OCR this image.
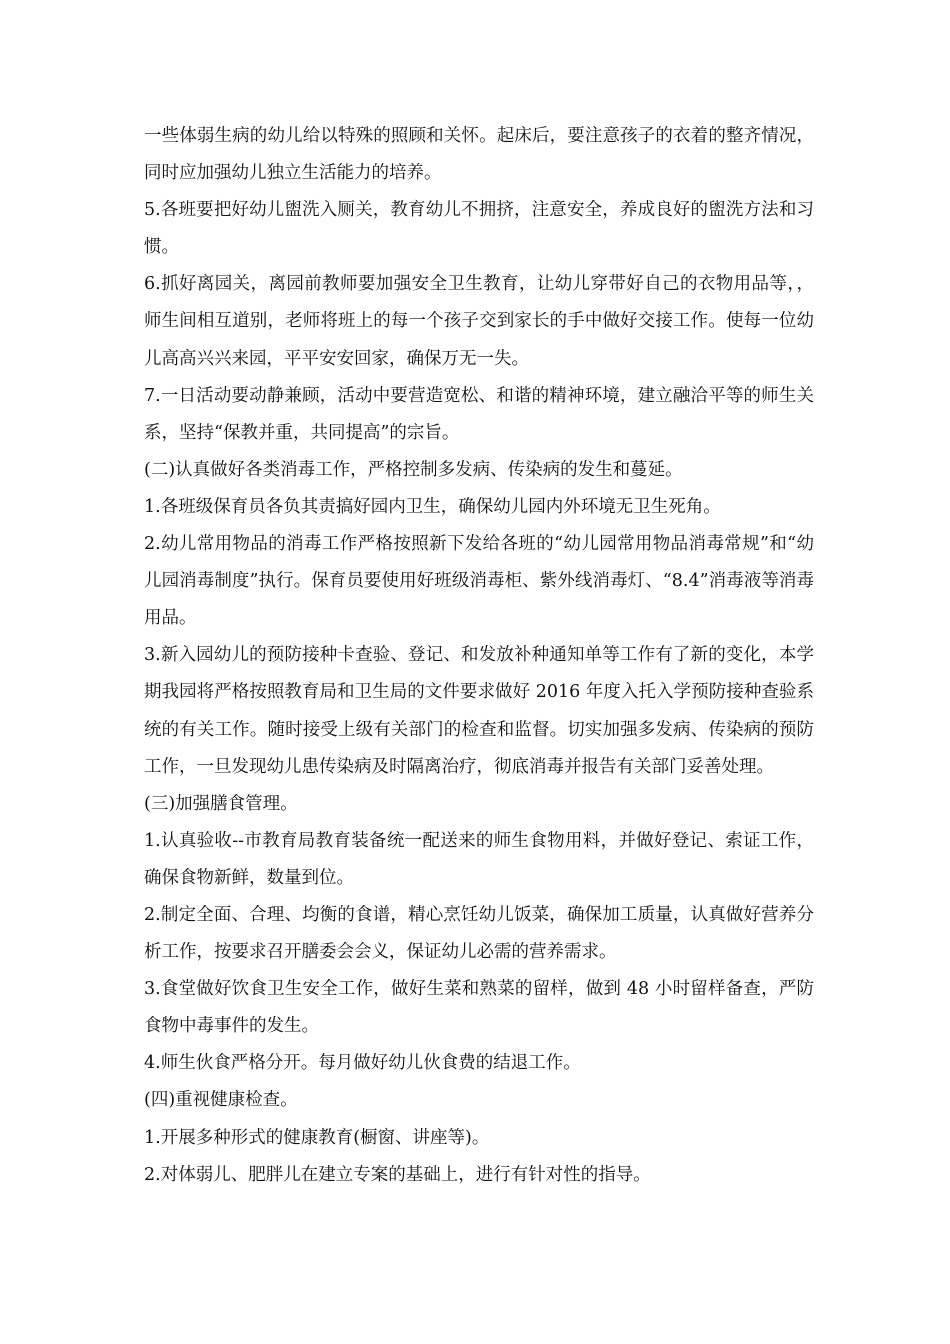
一些体弱生病的幼儿给以特殊的照顾和关怀。起床后，要注意孩子的衣着的整齐情况，同时应加强幼儿独立生活能力的培养。

5.各班要把好幼儿盥洗入厕关，教育幼儿不拥挤，注意安全，养成良好的盥洗方法和习惯。

6.抓好离园关，离园前教师要加强安全卫生教育，让幼儿穿带好自己的衣物用品等，，师生间相互道别，老师将班上的每一个孩子交到家长的手中做好交接工作。使每一位幼儿高高兴兴来园，平平安安回家，确保万无一失。

7.一日活动要动静兼顾，活动中要营造宽松、和谐的精神环境，建立融洽平等的师生关系，坚持“保教并重，共同提高”的宗旨。

(二)认真做好各类消毒工作，严格控制多发病、传染病的发生和蔓延。

1.各班级保育员各负其责搞好园内卫生，确保幼儿园内外环境无卫生死角。

2.幼儿常用物品的消毒工作严格按照新下发给各班的“幼儿园常用物品消毒常规”和“幼儿园消毒制度”执行。保育员要使用好班级消毒柜、紫外线消毒灯、“8.4”消毒液等消毒用品。

3.新入园幼儿的预防接种卡查验、登记、和发放补种通知单等工作有了新的变化，本学期我园将严格按照教育局和卫生局的文件要求做好 2016 年度入托入学预防接种查验系统的有关工作。随时接受上级有关部门的检查和监督。切实加强多发病、传染病的预防工作，一旦发现幼儿患传染病及时隔离治疗，彻底消毒并报告有关部门妥善处理。

(三)加强膳食管理。

1.认真验收--市教育局教育装备统一配送来的师生食物用料，并做好登记、索证工作，确保食物新鲜，数量到位。

2.制定全面、合理、均衡的食谱，精心烹饪幼儿饭菜，确保加工质量，认真做好营养分析工作，按要求召开膳委会会义，保证幼儿必需的营养需求。

3.食堂做好饮食卫生安全工作，做好生菜和熟菜的留样，做到 48 小时留样备查，严防食物中毒事件的发生。

4.师生伙食严格分开。每月做好幼儿伙食费的结退工作。

(四)重视健康检查。

1.开展多种形式的健康教育(橱窗、讲座等)。

2.对体弱儿、肥胖儿在建立专案的基础上，进行有针对性的指导。
